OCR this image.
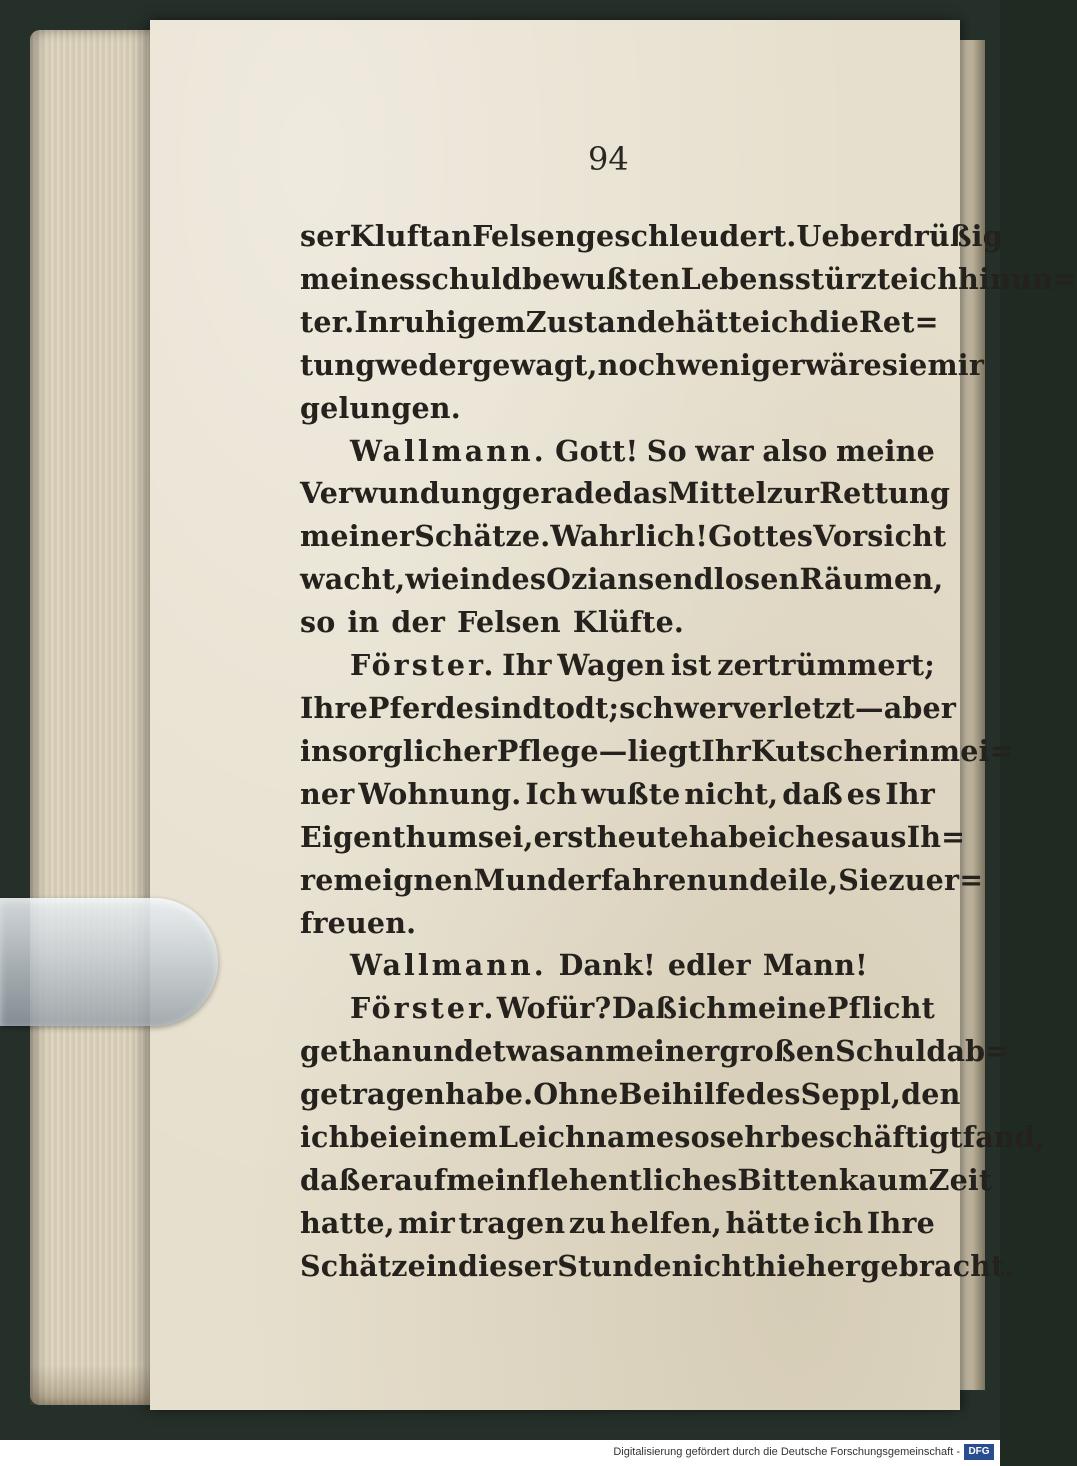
94
ser Kluft an Felsen geschleudert. Ueberdrüßig
meines schuldbewußten Lebens stürzte ich hinun=
ter. In ruhigem Zustande hätte ich die Ret=
tung weder gewagt, noch weniger wäre sie mir
gelungen.
Wallmann. Gott! So war also meine
Verwundung gerade das Mittel zur Rettung
meiner Schätze. Wahrlich! Gottes Vorsicht
wacht, wie in des Ozians endlosen Räumen,
so in der Felsen Klüfte.
Förster. Ihr Wagen ist zertrümmert;
Ihre Pferde sind todt; schwer verletzt — aber
in sorglicher Pflege — liegt Ihr Kutscher in mei=
ner Wohnung. Ich wußte nicht, daß es Ihr
Eigenthum sei, erst heute habe ich es aus Ih=
rem eignen Mund erfahren und eile, Sie zu er=
freuen.
Wallmann. Dank! edler Mann!
Förster. Wofür? Daß ich meine Pflicht
gethan und etwas an meiner großen Schuld ab=
getragen habe. Ohne Beihilfe des Seppl, den
ich bei einem Leichname so sehr beschäftigt fand,
daß er auf mein flehentliches Bitten kaum Zeit
hatte, mir tragen zu helfen, hätte ich Ihre
Schätze in dieser Stunde nicht hieher gebracht.
Digitalisierung gefördert durch die Deutsche Forschungsgemeinschaft - DFG
